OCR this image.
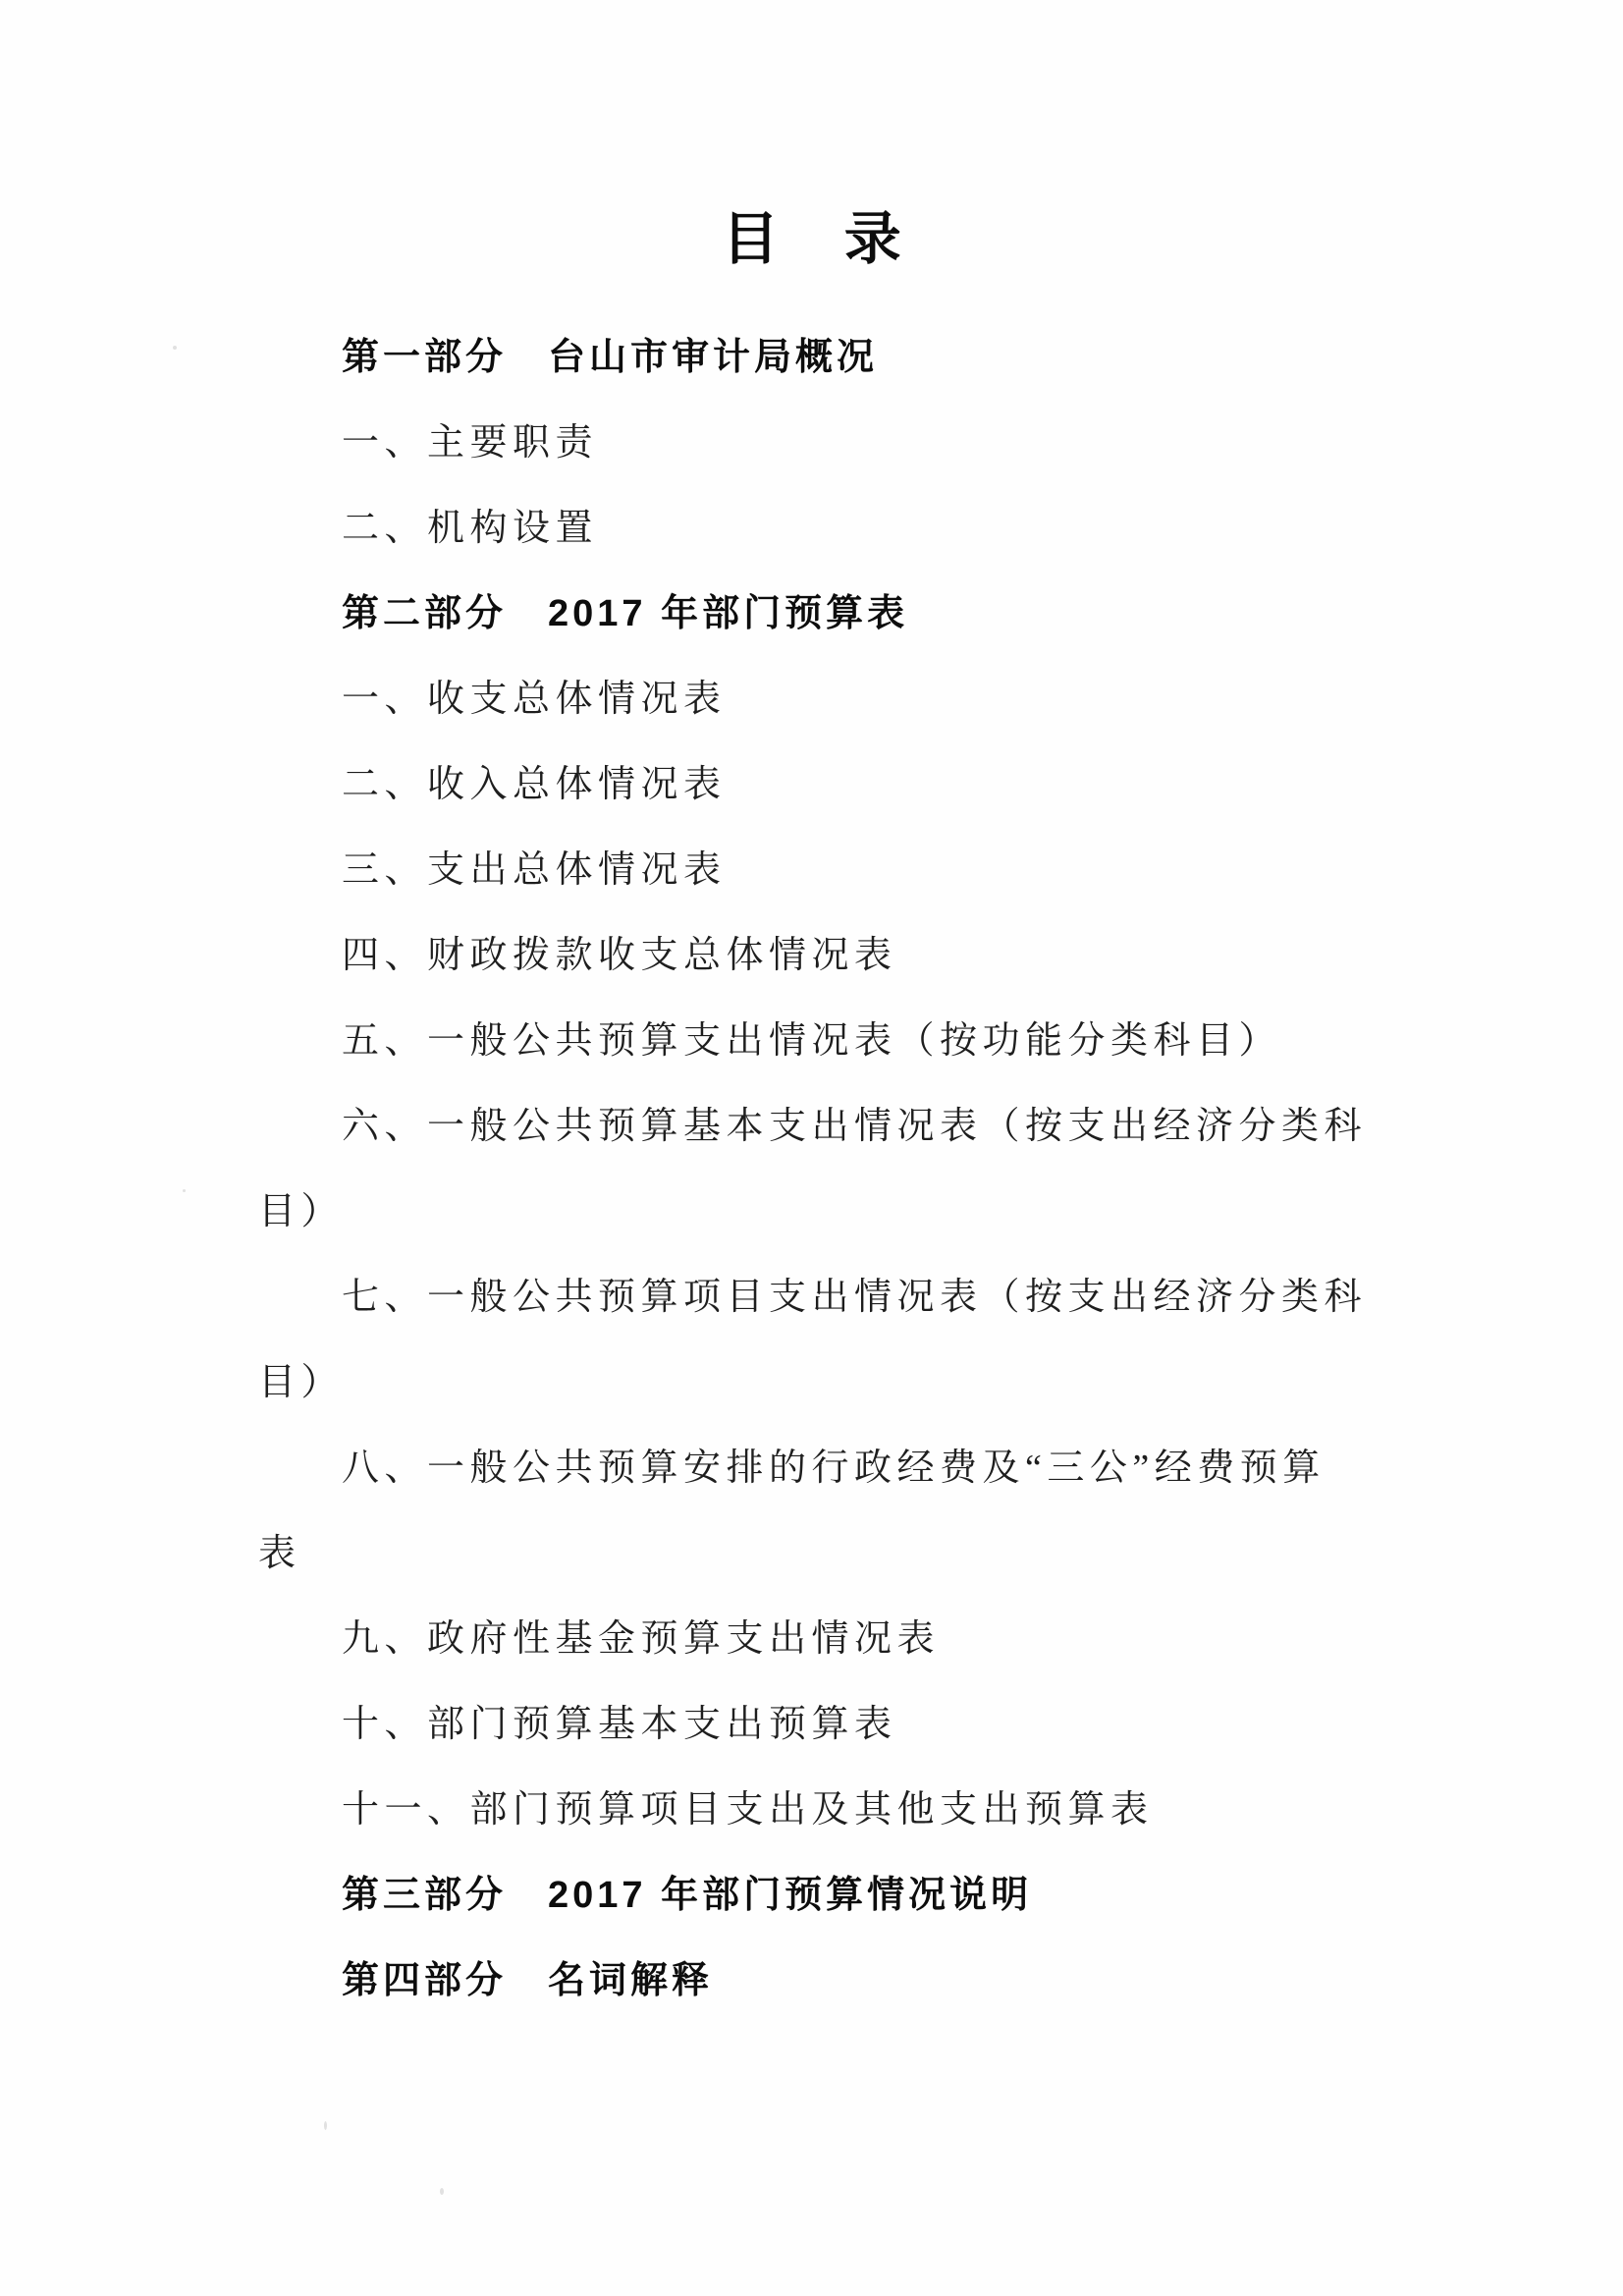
目 录
第一部分　台山市审计局概况
一、主要职责
二、机构设置
第二部分　2017 年部门预算表
一、收支总体情况表
二、收入总体情况表
三、支出总体情况表
四、财政拨款收支总体情况表
五、一般公共预算支出情况表（按功能分类科目）
六、一般公共预算基本支出情况表（按支出经济分类科
目）
七、一般公共预算项目支出情况表（按支出经济分类科
目）
八、一般公共预算安排的行政经费及“三公”经费预算
表
九、政府性基金预算支出情况表
十、部门预算基本支出预算表
十一、部门预算项目支出及其他支出预算表
第三部分　2017 年部门预算情况说明
第四部分　名词解释
